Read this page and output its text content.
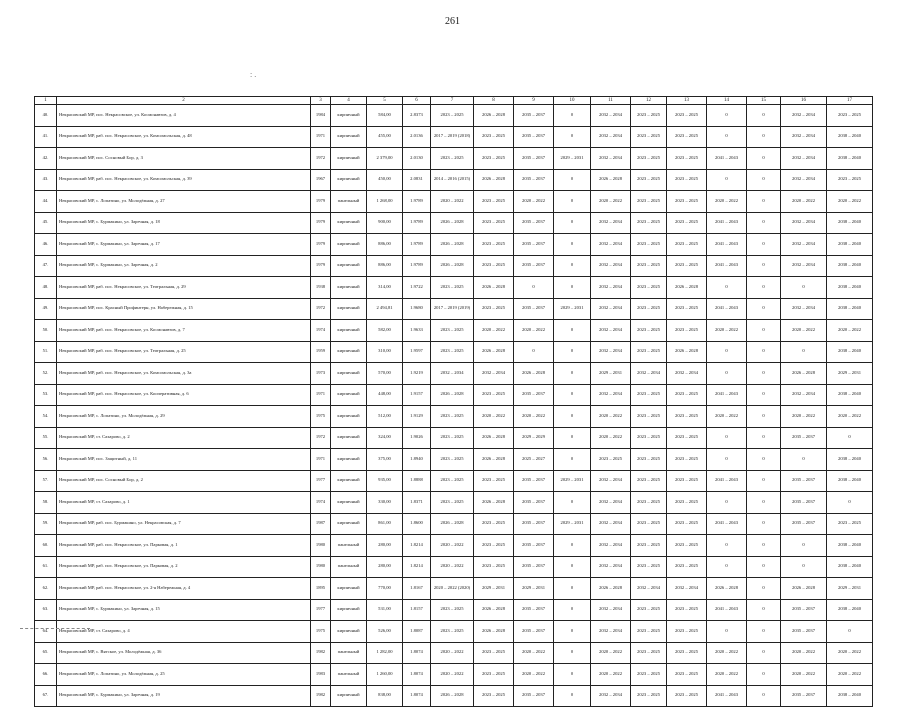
261
: .
1	2	3	4	5	6	7	8	9	10	11	12	13	14	15	16	17
40.	Некрасовский МР, пос. Некрасовское, ул. Космонавтов, д. 4	1984	кирпичный	584,00	2.8373	2023 – 2025	2026 – 2028	2035 – 2037	0	2032 – 2034	2023 – 2025	2023 – 2025	0	0	2032 – 2034	2023 – 2025
41.	Некрасовский МР, раб. пос. Некрасовское, ул. Комсомольская, д. 48	1971	кирпичный	455,00	2.0136	2017 – 2019 (2018)	2023 – 2025	2035 – 2037	0	2032 – 2034	2023 – 2025	2023 – 2025	0	0	2032 – 2034	2038 – 2040
42.	Некрасовский МР, пос. Сосновый Бор, д. 3	1972	кирпичный	2 379,00	2.0130	2023 – 2025	2023 – 2025	2035 – 2037	2029 – 2031	2032 – 2034	2023 – 2025	2023 – 2025	2041 – 2043	0	2032 – 2034	2038 – 2040
43.	Некрасовский МР, раб. пос. Некрасовское, ул. Комсомольская, д. 39	1967	кирпичный	450,00	2.0831	2014 – 2016 (2015)	2026 – 2028	2035 – 2037	0	2026 – 2028	2023 – 2025	2023 – 2025	0	0	2032 – 2034	2023 – 2025
44.	Некрасовский МР, с. Лопатино, ул. Молодёжная, д. 27	1979	панельный	1 268,00	1.9789	2020 – 2022	2023 – 2025	2020 – 2022	0	2020 – 2022	2023 – 2025	2023 – 2025	2020 – 2022	0	2020 – 2022	2020 – 2022
45.	Некрасовский МР, с. Бурмакино, ул. Заречная, д. 18	1979	кирпичный	900,00	1.9789	2026 – 2028	2023 – 2025	2035 – 2037	0	2032 – 2034	2023 – 2025	2023 – 2025	2041 – 2043	0	2032 – 2034	2038 – 2040
46.	Некрасовский МР, с. Бурмакино, ул. Заречная, д. 17	1979	кирпичный	886,00	1.9789	2026 – 2028	2023 – 2025	2035 – 2037	0	2032 – 2034	2023 – 2025	2023 – 2025	2041 – 2043	0	2032 – 2034	2038 – 2040
47.	Некрасовский МР, с. Бурмакино, ул. Заречная, д. 2	1979	кирпичный	886,00	1.9789	2026 – 2028	2023 – 2025	2035 – 2037	0	2032 – 2034	2023 – 2025	2023 – 2025	2041 – 2043	0	2032 – 2034	2038 – 2040
48.	Некрасовский МР, раб. пос. Некрасовское, ул. Театральная, д. 29	1938	кирпичный	314,00	1.9722	2023 – 2025	2026 – 2028	0	0	2032 – 2034	2023 – 2025	2026 – 2028	0	0	0	2038 – 2040
49.	Некрасовский МР, пос. Красный Профинтерн, ул. Набережная, д. 15	1972	кирпичный	2 494,81	1.9680	2017 – 2019 (2019)	2023 – 2025	2035 – 2037	2029 – 2031	2032 – 2034	2023 – 2025	2023 – 2025	2041 – 2043	0	2032 – 2034	2038 – 2040
50.	Некрасовский МР, раб. пос. Некрасовское, ул. Космонавтов, д. 7	1974	кирпичный	582,00	1.9633	2023 – 2025	2020 – 2022	2020 – 2022	0	2032 – 2034	2023 – 2025	2023 – 2025	2020 – 2022	0	2020 – 2022	2020 – 2022
51.	Некрасовский МР, раб. пос. Некрасовское, ул. Театральная, д. 25	1959	кирпичный	310,00	1.9597	2023 – 2025	2026 – 2028	0	0	2032 – 2034	2023 – 2025	2026 – 2028	0	0	0	2038 – 2040
52.	Некрасовский МР, раб. пос. Некрасовское, ул. Комсомольская, д. 3а	1973	кирпичный	570,00	1.9219	2032 – 2034	2032 – 2034	2026 – 2028	0	2029 – 2031	2032 – 2034	2032 – 2034	0	0	2026 – 2028	2029 – 2031
53.	Некрасовский МР, раб. пос. Некрасовское, ул. Кооперативная, д. 6	1971	кирпичный	448,00	1.9157	2026 – 2028	2023 – 2025	2035 – 2037	0	2032 – 2034	2023 – 2025	2023 – 2025	2041 – 2043	0	2032 – 2034	2038 – 2040
54.	Некрасовский МР, с. Лопатино, ул. Молодёжная, д. 29	1975	кирпичный	512,00	1.9129	2023 – 2025	2020 – 2022	2020 – 2022	0	2020 – 2022	2023 – 2025	2023 – 2025	2020 – 2022	0	2020 – 2022	2020 – 2022
55.	Некрасовский МР, ст. Сахарово, д. 2	1972	кирпичный	324,00	1.9026	2023 – 2025	2026 – 2028	2029 – 2029	0	2020 – 2022	2023 – 2025	2023 – 2025	0	0	2035 – 2037	0
56.	Некрасовский МР, пос. Защитный, д. 11	1971	кирпичный	375,00	1.8940	2023 – 2025	2026 – 2028	2025 – 2027	0	2023 – 2025	2023 – 2025	2023 – 2025	0	0	0	2038 – 2040
57.	Некрасовский МР, пос. Сосновый Бор, д. 2	1977	кирпичный	935,00	1.8888	2023 – 2025	2023 – 2025	2035 – 2037	2029 – 2031	2032 – 2034	2023 – 2025	2023 – 2025	2041 – 2043	0	2035 – 2037	2038 – 2040
58.	Некрасовский МР, ст. Сахарово, д. 1	1974	кирпичный	330,00	1.8371	2023 – 2025	2026 – 2028	2035 – 2037	0	2032 – 2034	2023 – 2025	2023 – 2025	0	0	2035 – 2037	0
59.	Некрасовский МР, раб. пос. Бурмакино, ул. Некрасовская, д. 7	1987	кирпичный	861,00	1.8600	2026 – 2028	2023 – 2025	2035 – 2037	2029 – 2031	2032 – 2034	2023 – 2025	2023 – 2025	2041 – 2043	0	2035 – 2037	2023 – 2025
60.	Некрасовский МР, раб. пос. Некрасовское, ул. Парковая, д. 1	1980	панельный	280,00	1.8214	2020 – 2022	2023 – 2025	2035 – 2037	0	2032 – 2034	2023 – 2025	2023 – 2025	0	0	0	2038 – 2040
61.	Некрасовский МР, раб. пос. Некрасовское, ул. Парковая, д. 2	1980	панельный	280,00	1.8214	2020 – 2022	2023 – 2025	2035 – 2037	0	2032 – 2034	2023 – 2025	2023 – 2025	0	0	0	2038 – 2040
62.	Некрасовский МР, раб. пос. Некрасовское, ул. 2-я Набережная, д. 4	1895	кирпичный	770,00	1.8167	2020 – 2022 (2020)	2029 – 2031	2029 – 2031	0	2026 – 2028	2032 – 2034	2032 – 2034	2026 – 2028	0	2026 – 2028	2029 – 2031
63.	Некрасовский МР, с. Бурмакино, ул. Заречная, д. 15	1977	кирпичный	531,00	1.8157	2023 – 2025	2026 – 2028	2035 – 2037	0	2032 – 2034	2023 – 2025	2023 – 2025	2041 – 2043	0	2035 – 2037	2038 – 2040
64.	Некрасовский МР, ст. Сахарово, д. 4	1975	кирпичный	526,00	1.8087	2023 – 2025	2026 – 2028	2035 – 2037	0	2032 – 2034	2023 – 2025	2023 – 2025	0	0	2035 – 2037	0
65.	Некрасовский МР, с. Вятское, ул. Молодёжная, д. 36	1982	панельный	1 282,00	1.8074	2020 – 2022	2023 – 2025	2020 – 2022	0	2020 – 2022	2023 – 2025	2023 – 2025	2020 – 2022	0	2020 – 2022	2020 – 2022
66.	Некрасовский МР, с. Лопатино, ул. Молодёжная, д. 25	1983	панельный	1 260,00	1.8074	2020 – 2022	2023 – 2025	2020 – 2022	0	2020 – 2022	2023 – 2025	2023 – 2025	2020 – 2022	0	2020 – 2022	2020 – 2022
67.	Некрасовский МР, с. Бурмакино, ул. Заречная, д. 19	1982	кирпичный	838,00	1.8074	2026 – 2028	2023 – 2025	2035 – 2037	0	2032 – 2034	2023 – 2025	2023 – 2025	2041 – 2043	0	2035 – 2037	2038 – 2040
